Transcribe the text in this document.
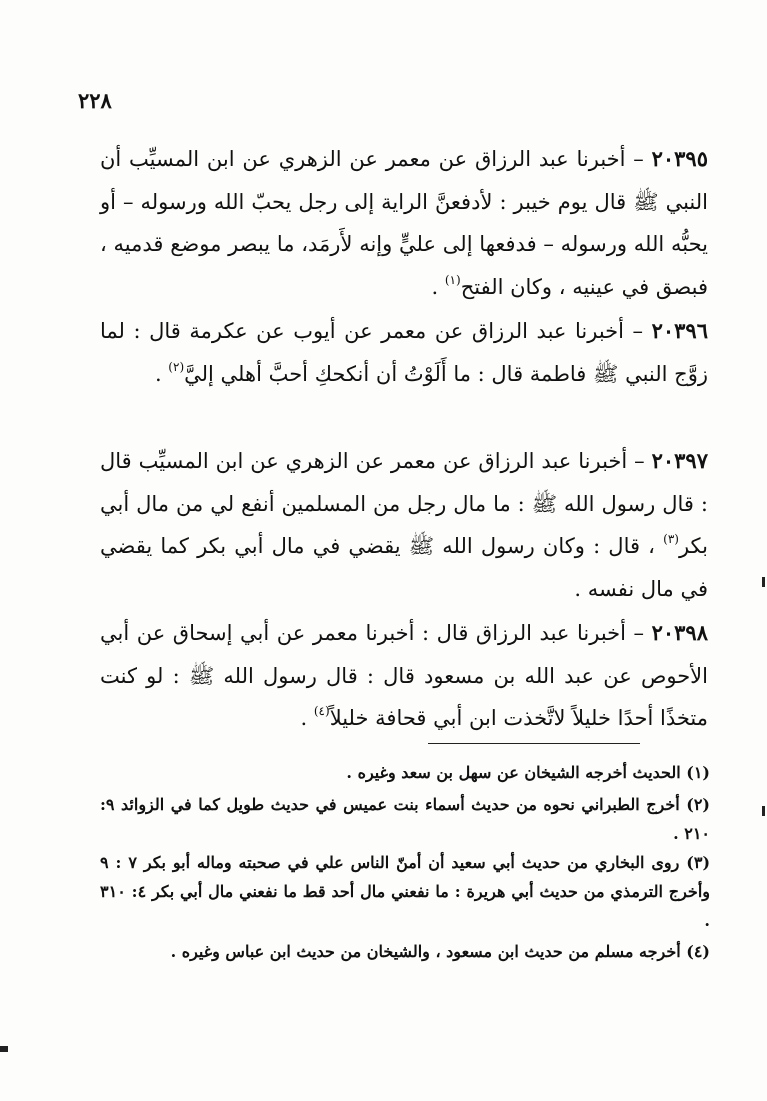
٢٢٨

٢٠٣٩٥ – أخبرنا عبد الرزاق عن معمر عن الزهري عن ابن المسيِّب أن النبي ﷺ قال يوم خيبر : لأدفعنَّ الراية إلى رجل يحبّ الله ورسوله – أو يحبُّه الله ورسوله – فدفعها إلى عليٍّ وإنه لأَرمَد، ما يبصر موضع قدميه ، فبصق في عينيه ، وكان الفتح$^{(١)}$ .

٢٠٣٩٦ – أخبرنا عبد الرزاق عن معمر عن أيوب عن عكرمة قال : لما زوَّج النبي ﷺ فاطمة قال : ما أَلَوْتُ أن أنكحكِ أحبَّ أهلي إليَّ$^{(٢)}$ .

٢٠٣٩٧ – أخبرنا عبد الرزاق عن معمر عن الزهري عن ابن المسيِّب قال : قال رسول الله ﷺ : ما مال رجل من المسلمين أنفع لي من مال أبي بكر$^{(٣)}$ ، قال : وكان رسول الله ﷺ يقضي في مال أبي بكر كما يقضي في مال نفسه .

٢٠٣٩٨ – أخبرنا عبد الرزاق قال : أخبرنا معمر عن أبي إسحاق عن أبي الأحوص عن عبد الله بن مسعود قال : قال رسول الله ﷺ : لو كنت متخذًا أحدًا خليلاً لاتَّخذت ابن أبي قحافة خليلاً$^{(٤)}$ .

(١) الحديث أخرجه الشيخان عن سهل بن سعد وغيره .

(٢) أخرج الطبراني نحوه من حديث أسماء بنت عميس في حديث طويل كما في الزوائد ٩: ٢١٠ .

(٣) روى البخاري من حديث أبي سعيد أن أمنّ الناس علي في صحبته وماله أبو بكر ٧ : ٩ وأخرج الترمذي من حديث أبي هريرة : ما نفعني مال أحد قط ما نفعني مال أبي بكر ٤: ٣١٠ .

(٤) أخرجه مسلم من حديث ابن مسعود ، والشيخان من حديث ابن عباس وغيره .
